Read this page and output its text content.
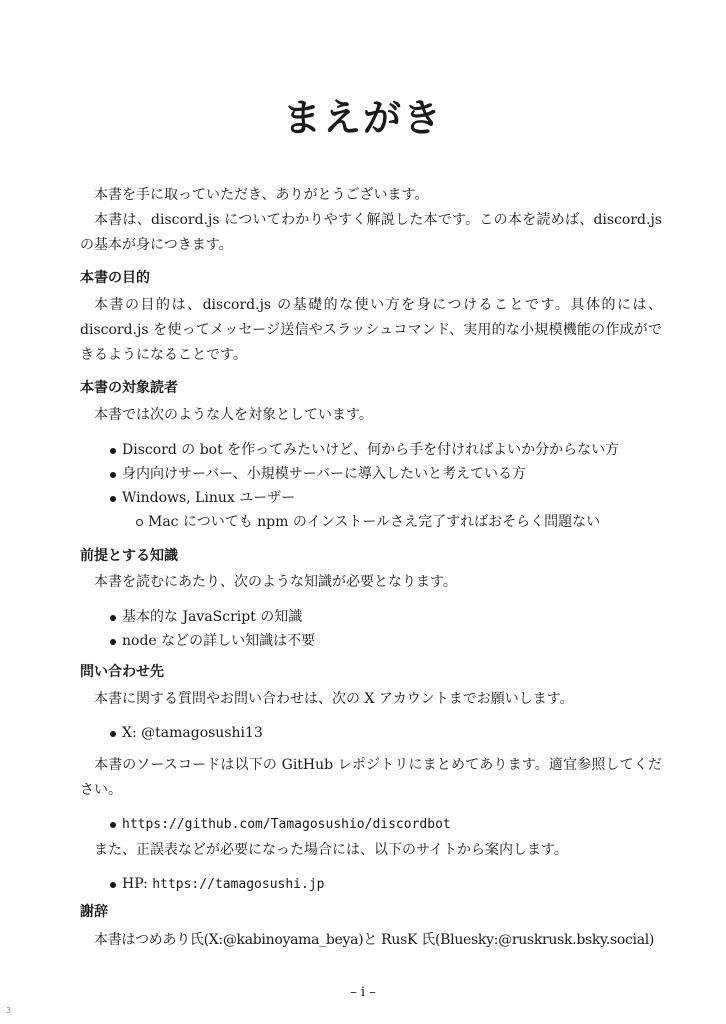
まえがき
本書を手に取っていただき、ありがとうございます。
本書は、discord.js についてわかりやすく解説した本です。この本を読めば、discord.js の基本が身につきます。
本書の目的
本書の目的は、discord.js の基礎的な使い方を身につけることです。具体的には、discord.js を使ってメッセージ送信やスラッシュコマンド、実用的な小規模機能の作成ができるようになることです。
本書の対象読者
本書では次のような人を対象としています。
Discord の bot を作ってみたいけど、何から手を付ければよいか分からない方
身内向けサーバー、小規模サーバーに導入したいと考えている方
Windows, Linux ユーザー
Mac についても npm のインストールさえ完了すればおそらく問題ない
前提とする知識
本書を読むにあたり、次のような知識が必要となります。
基本的な JavaScript の知識
node などの詳しい知識は不要
問い合わせ先
本書に関する質問やお問い合わせは、次の X アカウントまでお願いします。
X: @tamagosushi13
本書のソースコードは以下の GitHub レポジトリにまとめてあります。適宜参照してください。
https://github.com/Tamagosushio/discordbot
また、正誤表などが必要になった場合には、以下のサイトから案内します。
HP: https://tamagosushi.jp
謝辞
本書はつめあり氏(X:@kabinoyama_beya)と RusK 氏(Bluesky:@ruskrusk.bsky.social)
– i –
3
